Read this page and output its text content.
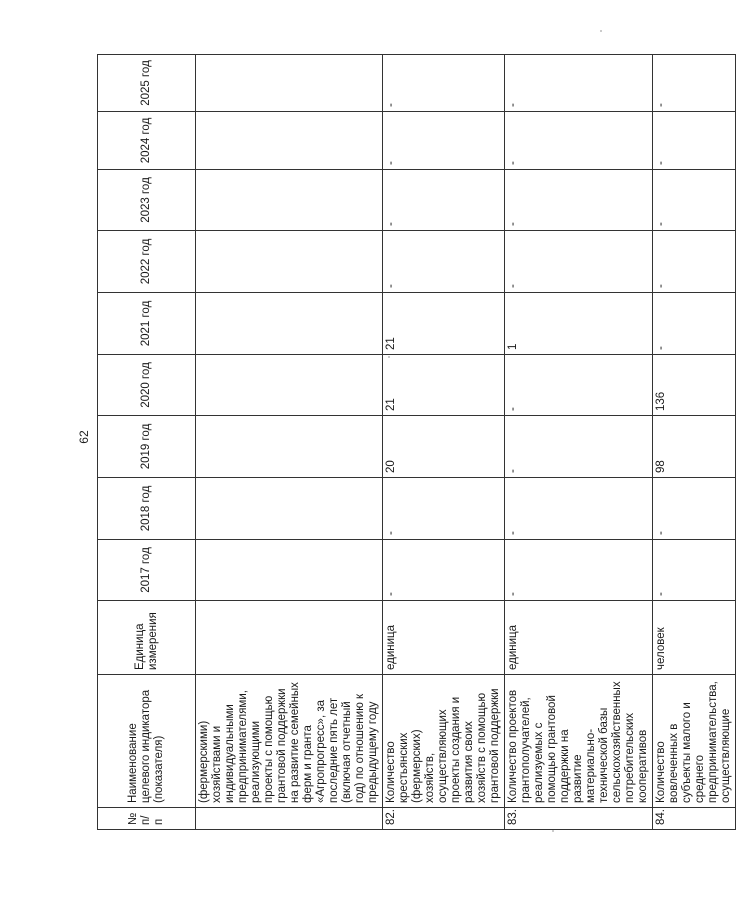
62
№ п/п	Наименование целевого индикатора (показателя)	Единица измерения	2017 год	2018 год	2019 год	2020 год	2021 год	2022 год	2023 год	2024 год	2025 год
	(фермерскими) хозяйствами и индивидуальными предпринимателями, реализующими проекты с помощью грантовой поддержки на развитие семейных ферм и гранта «Агропрогресс», за последние пять лет (включая отчетный год) по отношению к предыдущему году										
82.	Количество крестьянских (фермерских) хозяйств, осуществляющих проекты создания и развития своих хозяйств с помощью грантовой поддержки	единица	-	-	20	21	21	-	-	-	-
83.	Количество проектов грантополучателей, реализуемых с помощью грантовой поддержки на развитие материально-технической базы сельскохозяйственных потребительских кооперативов	единица	-	-	-	-	1	-	-	-	-
84.	Количество вовлеченных в субъекты малого и среднего предпринимательства, осуществляющие	человек	-	-	98	136	-	-	-	-	-
